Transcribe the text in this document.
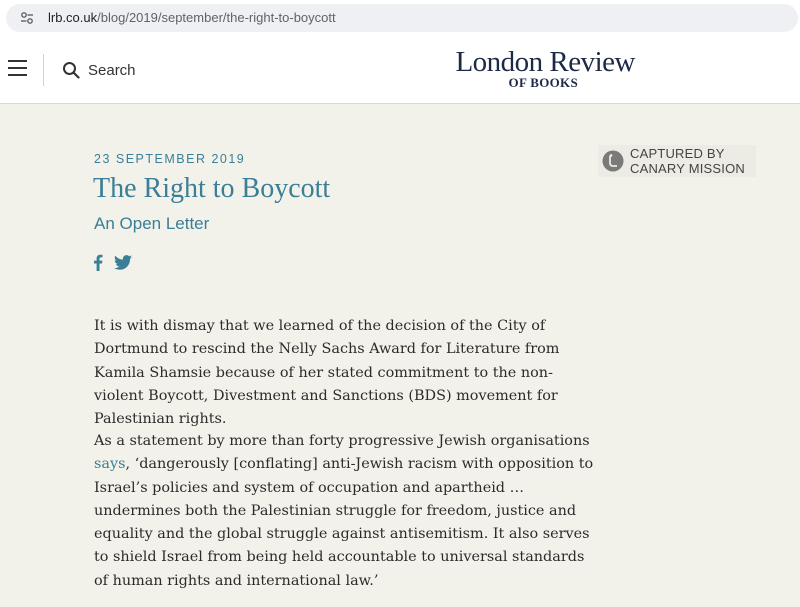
lrb.co.uk/blog/2019/september/the-right-to-boycott
Search	London Review
OF BOOKS
CAPTURED BY
CANARY MISSION
23 SEPTEMBER 2019
The Right to Boycott
An Open Letter

It is with dismay that we learned of the decision of the City of Dortmund to rescind the Nelly Sachs Award for Literature from Kamila Shamsie because of her stated commitment to the non-violent Boycott, Divestment and Sanctions (BDS) movement for Palestinian rights.

As a statement by more than forty progressive Jewish organisations says, ‘dangerously [conflating] anti-Jewish racism with opposition to Israel’s policies and system of occupation and apartheid … undermines both the Palestinian struggle for freedom, justice and equality and the global struggle against antisemitism. It also serves to shield Israel from being held accountable to universal standards of human rights and international law.’
